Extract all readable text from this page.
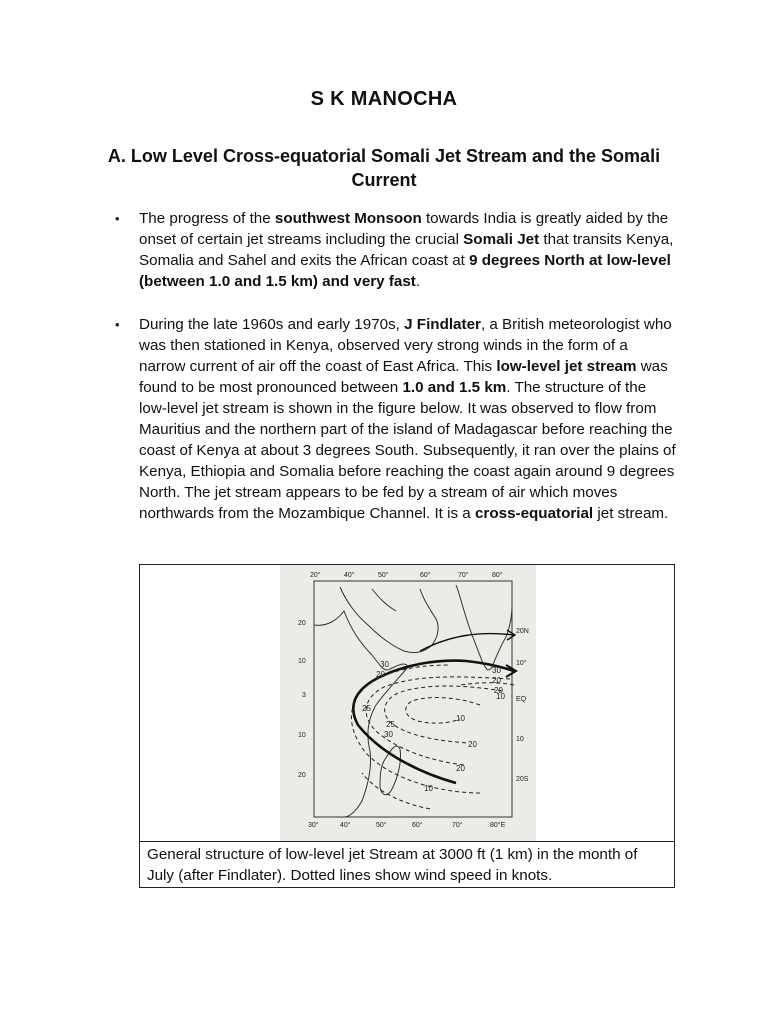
S K MANOCHA
A. Low Level Cross-equatorial Somali Jet Stream and the Somali Current
• The progress of the southwest Monsoon towards India is greatly aided by the onset of certain jet streams including the crucial Somali Jet that transits Kenya, Somalia and Sahel and exits the African coast at 9 degrees North at low-level (between 1.0 and 1.5 km) and very fast.
• During the late 1960s and early 1970s, J Findlater, a British meteorologist who was then stationed in Kenya, observed very strong winds in the form of a narrow current of air off the coast of East Africa. This low-level jet stream was found to be most pronounced between 1.0 and 1.5 km. The structure of the low-level jet stream is shown in the figure below. It was observed to flow from Mauritius and the northern part of the island of Madagascar before reaching the coast of Kenya at about 3 degrees South. Subsequently, it ran over the plains of Kenya, Ethiopia and Somalia before reaching the coast again around 9 degrees North. The jet stream appears to be fed by a stream of air which moves northwards from the Mozambique Channel. It is a cross-equatorial jet stream.
20°	40°	50°	60°	70°	80°
30°	40°	50°	60°	70°	80°E
20
10
3
10
20
20N
10°
EQ
10
20S
30
20	30
20
20
25
25
30
10
20
20
10
10

General structure of low-level jet Stream at 3000 ft (1 km) in the month of July (after Findlater). Dotted lines show wind speed in knots.
